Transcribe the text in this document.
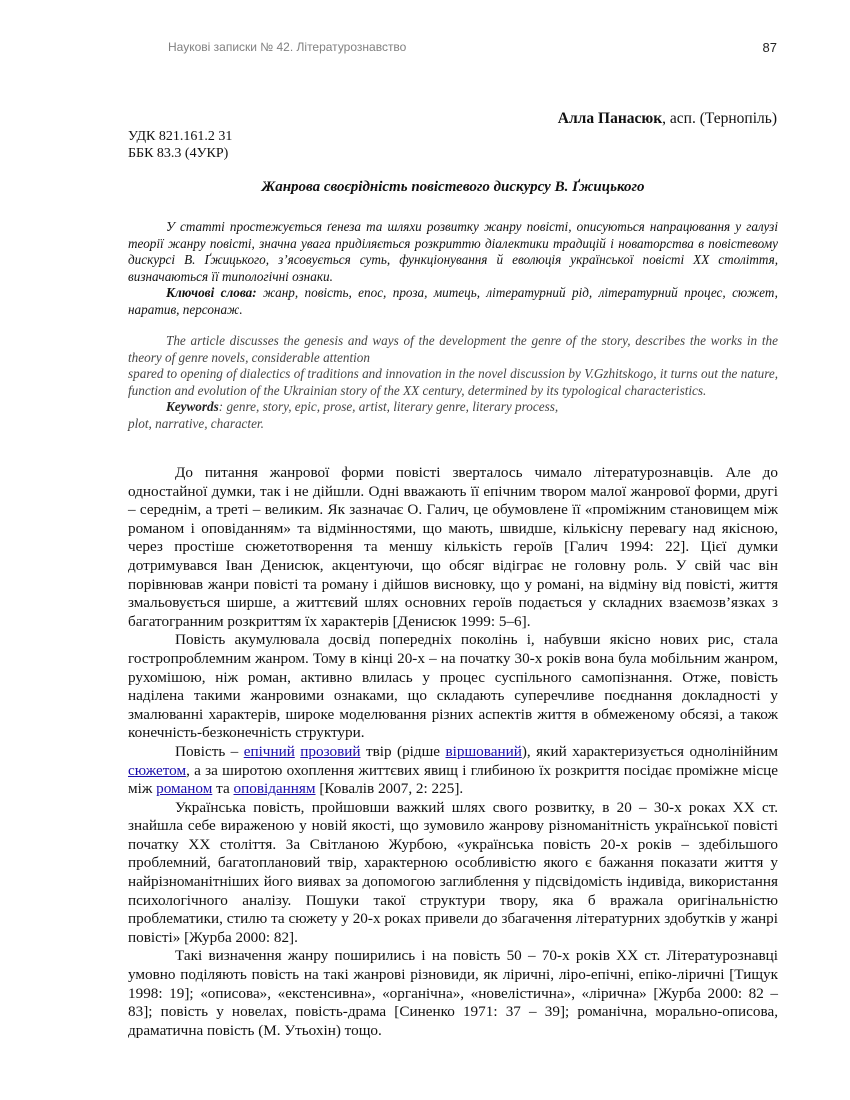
Наукові записки № 42. Літературознавство	87
Алла Панасюк, асп. (Тернопіль)
УДК 821.161.2 31
ББК 83.3 (4УКР)
Жанрова своєрідність повістевого дискурсу В. Ґжицького

У статті простежується ґенеза та шляхи розвитку жанру повісті, описуються напрацювання у галузі теорії жанру повісті, значна увага приділяється розкриттю діалектики традицій і новаторства в повістевому дискурсі В. Ґжицького, з’ясовується суть, функціонування й еволюція української повісті ХХ століття, визначаються її типологічні ознаки.

Ключові слова: жанр, повість, епос, проза, митець, літературний рід, літературний процес, сюжет, наратив, персонаж.

The article discusses the genesis and ways of the development the genre of the story, describes the works in the theory of genre novels, considerable attention

spared to opening of dialectics of traditions and innovation in the novel discussion by V.Gzhitskogo, it turns out the nature, function and evolution of the Ukrainian story of the XX century, determined by its typological characteristics.

Keywords: genre, story, epic, prose, artist, literary genre, literary process,

plot, narrative, character.

До питання жанрової форми повісті зверталось чимало літературознавців. Але до одностайної думки, так і не дійшли. Одні вважають її епічним твором малої жанрової форми, другі – середнім, а треті – великим. Як зазначає О. Галич, це обумовлене її «проміжним становищем між романом і оповіданням» та відмінностями, що мають, швидше, кількісну перевагу над якісною, через простіше сюжетотворення та меншу кількість героїв [Галич 1994: 22]. Цієї думки дотримувався Іван Денисюк, акцентуючи, що обсяг відіграє не головну роль. У свій час він порівнював жанри повісті та роману і дійшов висновку, що у романі, на відміну від повісті, життя змальовується ширше, а життєвий шлях основних героїв подається у складних взаємозв’язках з багатогранним розкриттям їх характерів [Денисюк 1999: 5–6].

Повість акумулювала досвід попередніх поколінь і, набувши якісно нових рис, стала гостропроблемним жанром. Тому в кінці 20-х – на початку 30-х років вона була мобільним жанром, рухомішою, ніж роман, активно влилась у процес суспільного самопізнання. Отже, повість наділена такими жанровими ознаками, що складають суперечливе поєднання докладності у змалюванні характерів, широке моделювання різних аспектів життя в обмеженому обсязі, а також конечність-безконечність структури.

Повість – епічний прозовий твір (рідше віршований), який характеризується однолінійним сюжетом, а за широтою охоплення життєвих явищ і глибиною їх розкриття посідає проміжне місце між романом та оповіданням [Ковалів 2007, 2: 225].

Українська повість, пройшовши важкий шлях свого розвитку, в 20 – 30-х роках ХХ ст. знайшла себе вираженою у новій якості, що зумовило жанрову різноманітність української повісті початку ХХ століття. За Світланою Журбою, «українська повість 20-х років – здебільшого проблемний, багатоплановий твір, характерною особливістю якого є бажання показати життя у найрізноманітніших його виявах за допомогою заглиблення у підсвідомість індивіда, використання психологічного аналізу. Пошуки такої структури твору, яка б вражала оригінальністю проблематики, стилю та сюжету у 20-х роках привели до збагачення літературних здобутків у жанрі повісті» [Журба 2000: 82].

Такі визначення жанру поширились і на повість 50 – 70-х років ХХ ст. Літературознавці умовно поділяють повість на такі жанрові різновиди, як ліричні, ліро-епічні, епіко-ліричні [Тищук 1998: 19]; «описова», «екстенсивна», «органічна», «новелістична», «лірична» [Журба 2000: 82 – 83]; повість у новелах, повість-драма [Синенко 1971: 37 – 39]; романічна, морально-описова, драматична повість (М. Утьохін) тощо.
